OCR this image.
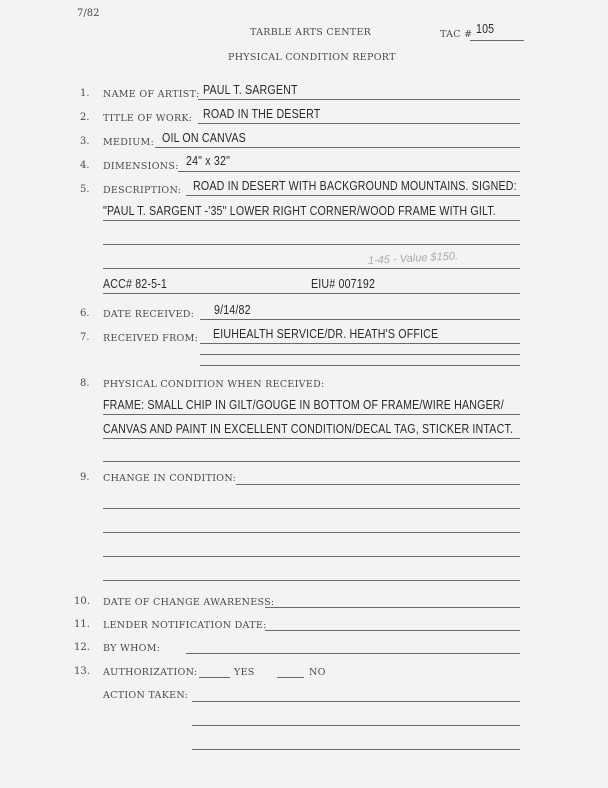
7/82
TARBLE ARTS CENTER	TAC # 105
PHYSICAL CONDITION REPORT
1. NAME OF ARTIST: PAUL T. SARGENT
2. TITLE OF WORK: ROAD IN THE DESERT
3. MEDIUM: OIL ON CANVAS
4. DIMENSIONS: 24" x 32"
5. DESCRIPTION: ROAD IN DESERT WITH BACKGROUND MOUNTAINS. SIGNED:
"PAUL T. SARGENT -'35" LOWER RIGHT CORNER/WOOD FRAME WITH GILT.
1-45 - Value $150.
ACC# 82-5-1	EIU# 007192
6. DATE RECEIVED: 9/14/82
7. RECEIVED FROM: EIUHEALTH SERVICE/DR. HEATH'S OFFICE
8. PHYSICAL CONDITION WHEN RECEIVED:
FRAME: SMALL CHIP IN GILT/GOUGE IN BOTTOM OF FRAME/WIRE HANGER/
CANVAS AND PAINT IN EXCELLENT CONDITION/DECAL TAG, STICKER INTACT.
9. CHANGE IN CONDITION:
10. DATE OF CHANGE AWARENESS:
11. LENDER NOTIFICATION DATE:
12. BY WHOM:
13. AUTHORIZATION:	YES	NO
ACTION TAKEN:
